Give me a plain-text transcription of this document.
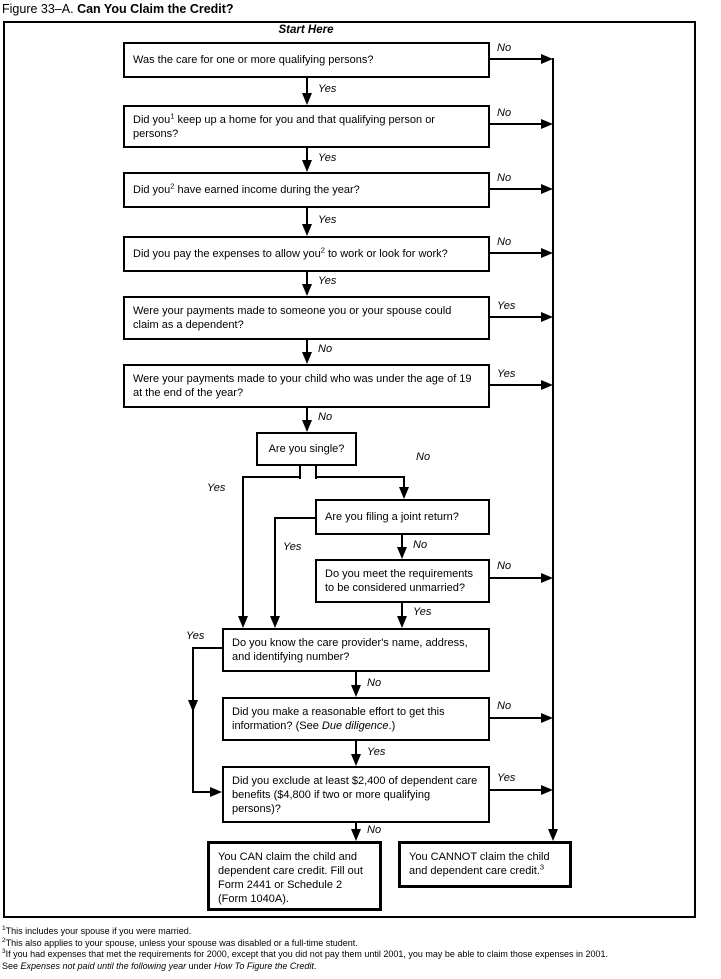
Figure 33–A. Can You Claim the Credit?
Start Here
Was the care for one or more qualifying persons?
Did you$^1$ keep up a home for you and that qualifying person or persons?
Did you$^2$ have earned income during the year?
Did you pay the expenses to allow you$^2$ to work or look for work?
Were your payments made to someone you or your spouse could claim as a dependent?
Were your payments made to your child who was under the age of 19 at the end of the year?
Are you single?
Are you filing a joint return?
Do you meet the requirements to be considered unmarried?
Do you know the care provider's name, address, and identifying number?
Did you make a reasonable effort to get this information? (See Due diligence.)
Did you exclude at least $2,400 of dependent care benefits ($4,800 if two or more qualifying persons)?
You CAN claim the child and dependent care credit. Fill out Form 2441 or Schedule 2 (Form 1040A).
You CANNOT claim the child and dependent care credit.$^3$
Yes
Yes
Yes
Yes
No
No
No
No
No
No
Yes
Yes
No
No
Yes
Yes
No
Yes	No
Yes
No
Yes
Yes
No
$^1$This includes your spouse if you were married.
$^2$This also applies to your spouse, unless your spouse was disabled or a full-time student.
$^3$If you had expenses that met the requirements for 2000, except that you did not pay them until 2001, you may be able to claim those expenses in 2001.
See Expenses not paid until the following year under How To Figure the Credit.
